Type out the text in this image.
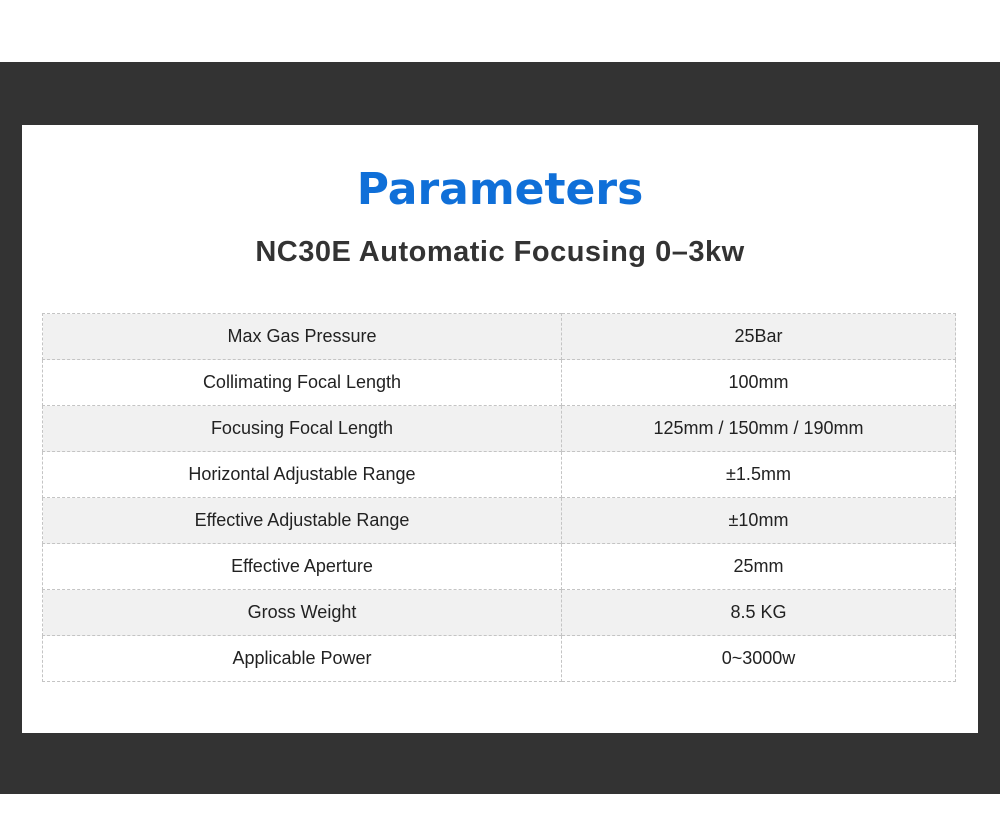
Parameters
NC30E Automatic Focusing 0–3kw
Max Gas Pressure	25Bar
Collimating Focal Length	100mm
Focusing Focal Length	125mm / 150mm / 190mm
Horizontal Adjustable Range	±1.5mm
Effective Adjustable Range	±10mm
Effective Aperture	25mm
Gross Weight	8.5 KG
Applicable Power	0~3000w
